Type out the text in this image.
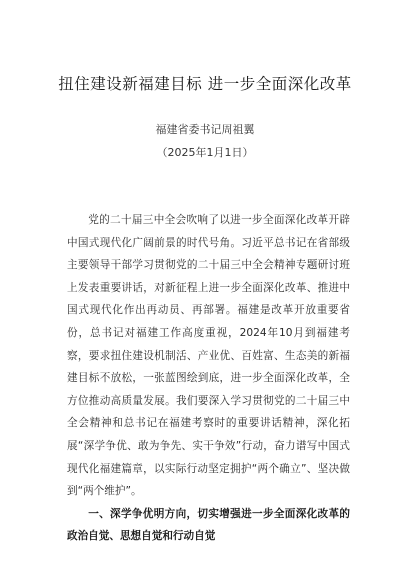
扭住建设新福建目标 进一步全面深化改革
福建省委书记周祖翼
（2025年1月1日）

党的二十届三中全会吹响了以进一步全面深化改革开辟中国式现代化广阔前景的时代号角。习近平总书记在省部级主要领导干部学习贯彻党的二十届三中全会精神专题研讨班上发表重要讲话，对新征程上进一步全面深化改革、推进中国式现代化作出再动员、再部署。福建是改革开放重要省份，总书记对福建工作高度重视，2024年10月到福建考察，要求扭住建设机制活、产业优、百姓富、生态美的新福建目标不放松，一张蓝图绘到底，进一步全面深化改革，全方位推动高质量发展。我们要深入学习贯彻党的二十届三中全会精神和总书记在福建考察时的重要讲话精神，深化拓展“深学争优、敢为争先、实干争效”行动，奋力谱写中国式现代化福建篇章，以实际行动坚定拥护“两个确立”、坚决做到“两个维护”。

一、深学争优明方向，切实增强进一步全面深化改革的政治自觉、思想自觉和行动自觉
